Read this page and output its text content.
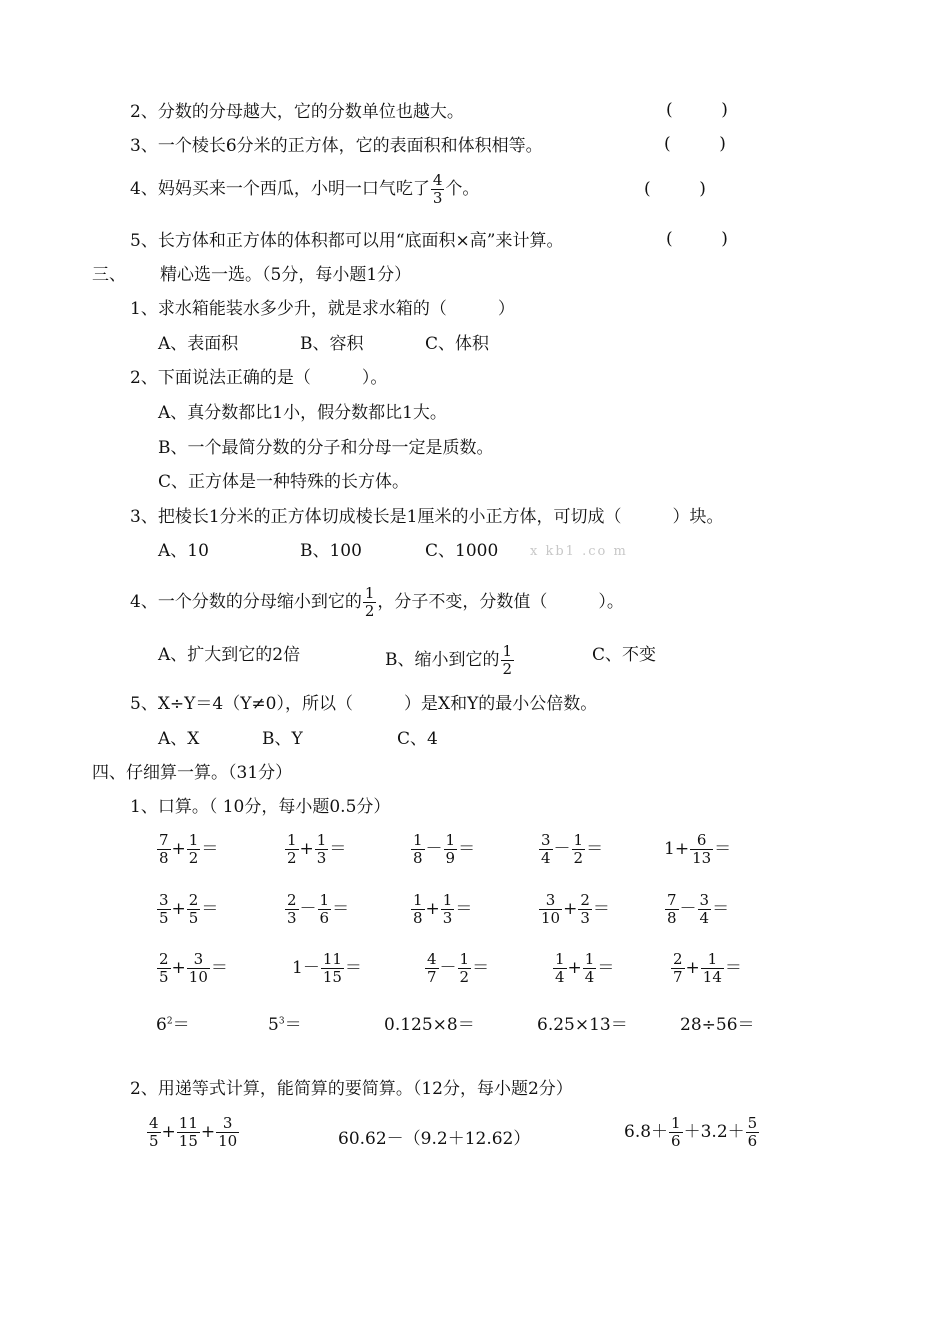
2、分数的分母越大，它的分数单位也越大。	(	)
3、一个棱长6分米的正方体，它的表面积和体积相等。	(	)
4、妈妈买来一个西瓜，小明一口气吃了 $\frac{4}{3}$ 个。	(	)
5、长方体和正方体的体积都可以用“底面积×高”来计算。	(	)
三、 精心选一选。（5分，每小题1分）
1、求水箱能装水多少升，就是求水箱的（　　　）
A、表面积	B、容积	C、体积
2、下面说法正确的是（　　　）。
A、真分数都比1小，假分数都比1大。
B、一个最简分数的分子和分母一定是质数。
C、正方体是一种特殊的长方体。
3、把棱长1分米的正方体切成棱长是1厘米的小正方体，可切成（　　　）块。
A、10	B、100	C、1000 x kb1 .co m
4、一个分数的分母缩小到它的 $\frac{1}{2}$ ，分子不变，分数值（　　　）。
A、扩大到它的2倍	B、缩小到它的 $\frac{1}{2}$	C、不变
5、X÷Y＝4（Y≠0），所以（　　　）是X和Y的最小公倍数。
A、X	B、Y	C、4
四、仔细算一算。（31分）
1、口算。（ 10分，每小题0.5分）
$\frac{7}{8} + \frac{1}{2}$ ＝	$\frac{1}{2} + \frac{1}{3}$ ＝	$\frac{1}{8} - \frac{1}{9}$ ＝	$\frac{3}{4} - \frac{1}{2}$ ＝	$1+ \frac{6}{13}$ ＝
$\frac{3}{5} + \frac{2}{5}$ ＝	$\frac{2}{3} - \frac{1}{6}$ ＝	$\frac{1}{8} + \frac{1}{3}$ ＝	$\frac{3}{10} + \frac{2}{3}$ ＝	$\frac{7}{8} - \frac{3}{4}$ ＝
$\frac{2}{5} + \frac{3}{10}$ ＝	$1- \frac{11}{15}$ ＝	$\frac{4}{7} - \frac{1}{2}$ ＝	$\frac{1}{4} + \frac{1}{4}$ ＝	$\frac{2}{7} + \frac{1}{14}$ ＝
$6^2=$	$5^3=$	0.125×8＝	6.25×13＝	28÷56＝
2、用递等式计算，能简算的要简算。（12分，每小题2分）
$\frac{4}{5} + \frac{11}{15} + \frac{3}{10}$	60.62－（9.2＋12.62）	$6.8+ \frac{1}{6} +3.2+ \frac{5}{6}$
